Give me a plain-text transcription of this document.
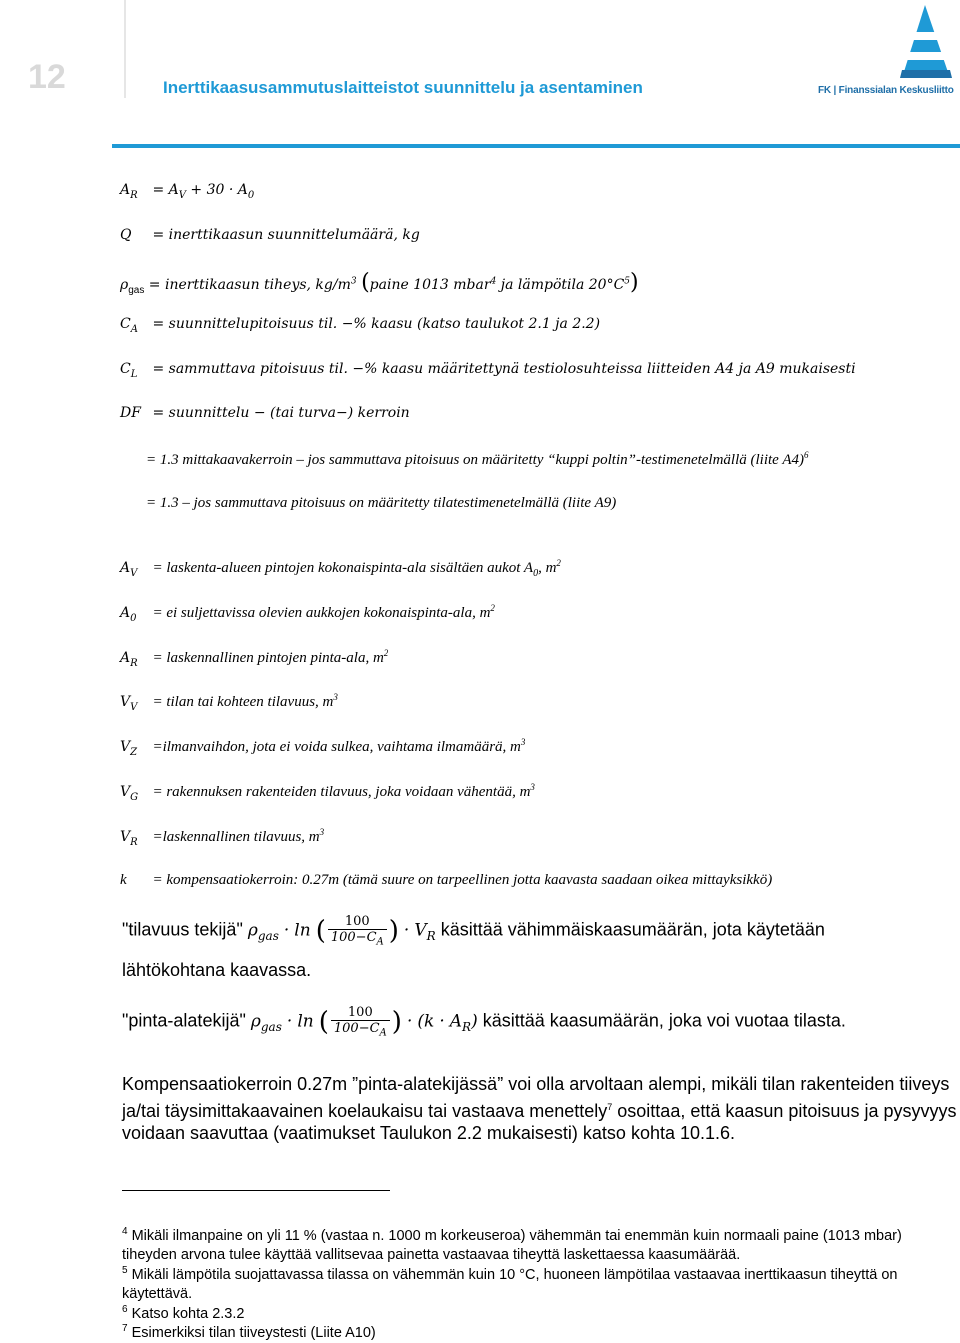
12	Inerttikaasusammutuslaitteistot suunnittelu ja asentaminen	FK | Finanssialan Keskusliitto
$A_R = A_V + 30 \cdot A_0$
Q = inerttikaasun suunnittelumäärä, kg
$\rho_{gas}$ = inerttikaasun tiheys, $kg/m^3$ (paine 1013 mbar$^4$ ja lämpötila $20^\circ C^5$)
$C_A$ = suunnittelupitoisuus til. −% kaasu (katso taulukot 2.1 ja 2.2)
$C_L$ = sammuttava pitoisuus til. −% kaasu määritettynä testiolosuhteissa liitteiden A4 ja A9 mukaisesti
DF = suunnittelu − (tai turva−) kerroin
= 1.3 mittakaavakerroin – jos sammuttava pitoisuus on määritetty “kuppi poltin”-testimenetelmällä (liite A4)$^6$
= 1.3 – jos sammuttava pitoisuus on määritetty tilatestimenetelmällä (liite A9)
$A_V$ = laskenta-alueen pintojen kokonaispinta-ala sisältäen aukot $A_0$, $m^2$
$A_0$ = ei suljettavissa olevien aukkojen kokonaispinta-ala, $m^2$
$A_R$ = laskennallinen pintojen pinta-ala, $m^2$
$V_V$ = tilan tai kohteen tilavuus, $m^3$
$V_Z$ =ilmanvaihdon, jota ei voida sulkea, vaihtama ilmamäärä, $m^3$
$V_G$ = rakennuksen rakenteiden tilavuus, joka voidaan vähentää, $m^3$
$V_R$ =laskennallinen tilavuus, $m^3$
k = kompensaatiokerroin: 0.27m (tämä suure on tarpeellinen jotta kaavasta saadaan oikea mittayksikkö)
"tilavuus tekijä" $\rho_{gas} \cdot \ln$ ( $\frac{100}{100-C_A}$ ) · $V_R$ käsittää vähimmäiskaasumäärän, jota käytetään
lähtökohtana kaavassa.
"pinta-alatekijä" $\rho_{gas} \cdot \ln$ ( $\frac{100}{100-C_A}$ ) · $(k \cdot A_R)$ käsittää kaasumäärän, joka voi vuotaa tilasta.
Kompensaatiokerroin 0.27m ”pinta-alatekijässä” voi olla arvoltaan alempi, mikäli tilan rakenteiden tiiveys ja/tai täysimittakaavainen koelaukaisu tai vastaava menettely$^7$ osoittaa, että kaasun pitoisuus ja pysyvyys voidaan saavuttaa (vaatimukset Taulukon 2.2 mukaisesti) katso kohta 10.1.6.
$^4$ Mikäli ilmanpaine on yli 11 % (vastaa n. 1000 m korkeuseroa) vähemmän tai enemmän kuin normaali paine (1013 mbar) tiheyden arvona tulee käyttää vallitsevaa painetta vastaavaa tiheyttä laskettaessa kaasumäärää.
$^5$ Mikäli lämpötila suojattavassa tilassa on vähemmän kuin 10 °C, huoneen lämpötilaa vastaavaa inerttikaasun tiheyttä on käytettävä.
$^6$ Katso kohta 2.3.2
$^7$ Esimerkiksi tilan tiiveystesti (Liite A10)
